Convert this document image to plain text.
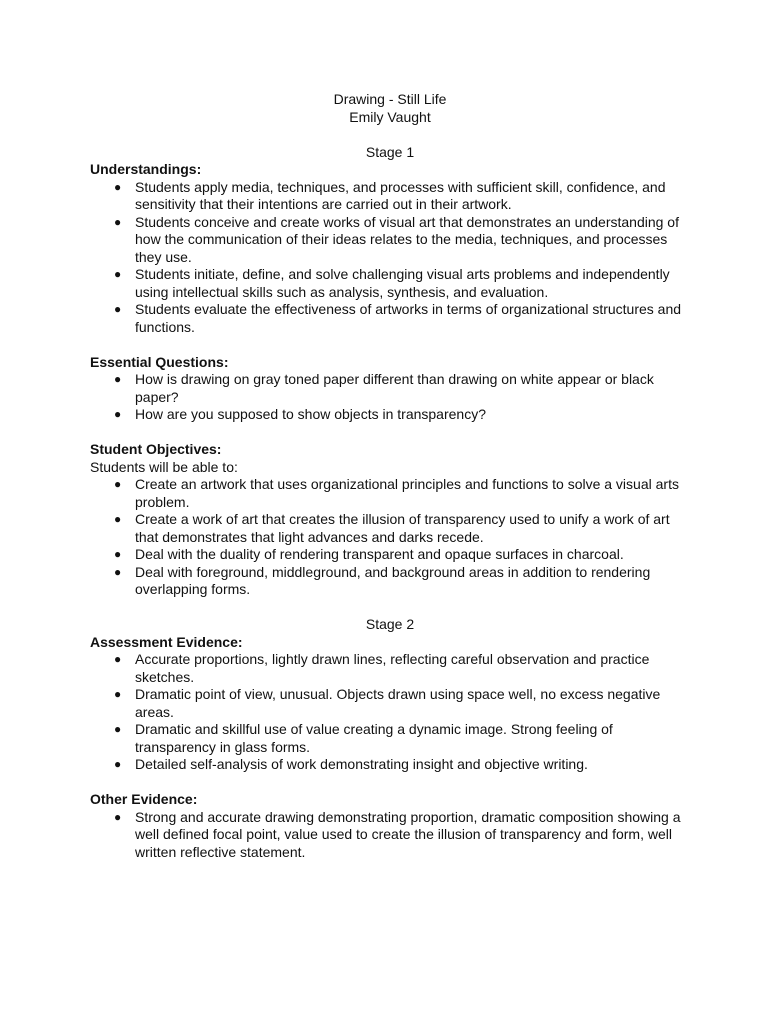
Drawing - Still Life

Emily Vaught

Stage 1

Understandings:

● Students apply media, techniques, and processes with sufficient skill, confidence, and sensitivity that their intentions are carried out in their artwork.
● Students conceive and create works of visual art that demonstrates an understanding of how the communication of their ideas relates to the media, techniques, and processes they use.
● Students initiate, define, and solve challenging visual arts problems and independently using intellectual skills such as analysis, synthesis, and evaluation.
● Students evaluate the effectiveness of artworks in terms of organizational structures and functions.

Essential Questions:

● How is drawing on gray toned paper different than drawing on white appear or black paper?
● How are you supposed to show objects in transparency?

Student Objectives:

Students will be able to:

● Create an artwork that uses organizational principles and functions to solve a visual arts problem.
● Create a work of art that creates the illusion of transparency used to unify a work of art that demonstrates that light advances and darks recede.
● Deal with the duality of rendering transparent and opaque surfaces in charcoal.
● Deal with foreground, middleground, and background areas in addition to rendering overlapping forms.

Stage 2

Assessment Evidence:

● Accurate proportions, lightly drawn lines, reflecting careful observation and practice sketches.
● Dramatic point of view, unusual. Objects drawn using space well, no excess negative areas.
● Dramatic and skillful use of value creating a dynamic image. Strong feeling of transparency in glass forms.
● Detailed self-analysis of work demonstrating insight and objective writing.

Other Evidence:

● Strong and accurate drawing demonstrating proportion, dramatic composition showing a well defined focal point, value used to create the illusion of transparency and form, well written reflective statement.
